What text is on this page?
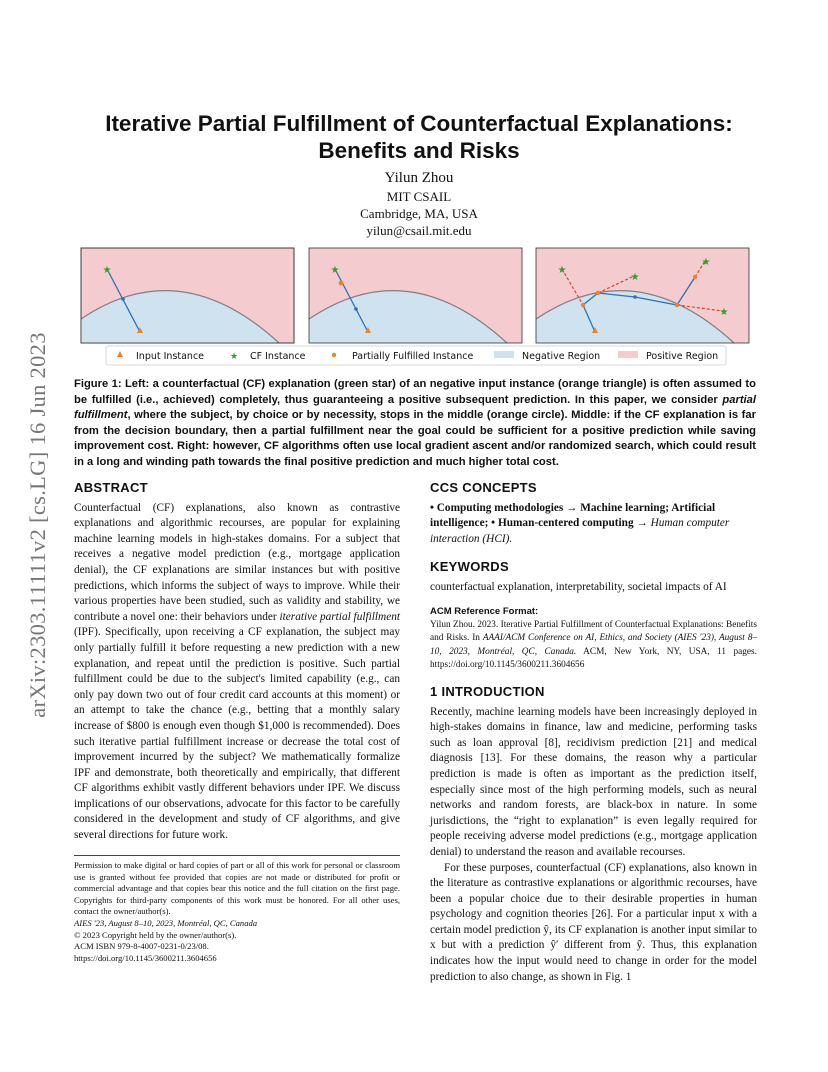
arXiv:2303.11111v2 [cs.LG] 16 Jun 2023
Iterative Partial Fulfillment of Counterfactual Explanations:
Benefits and Risks
Yilun Zhou
MIT CSAIL
Cambridge, MA, USA
yilun@csail.mit.edu
★	★	★
★
★
★
Input Instance	★ CF Instance	Partially Fulfilled Instance	Negative Region	Positive Region
Figure 1: Left: a counterfactual (CF) explanation (green star) of an negative input instance (orange triangle) is often assumed to be fulfilled (i.e., achieved) completely, thus guaranteeing a positive subsequent prediction. In this paper, we consider partial fulfillment, where the subject, by choice or by necessity, stops in the middle (orange circle). Middle: if the CF explanation is far from the decision boundary, then a partial fulfillment near the goal could be sufficient for a positive prediction while saving improvement cost. Right: however, CF algorithms often use local gradient ascent and/or randomized search, which could result in a long and winding path towards the final positive prediction and much higher total cost.
ABSTRACT

Counterfactual (CF) explanations, also known as contrastive explanations and algorithmic recourses, are popular for explaining machine learning models in high-stakes domains. For a subject that receives a negative model prediction (e.g., mortgage application denial), the CF explanations are similar instances but with positive predictions, which informs the subject of ways to improve. While their various properties have been studied, such as validity and stability, we contribute a novel one: their behaviors under iterative partial fulfillment (IPF). Specifically, upon receiving a CF explanation, the subject may only partially fulfill it before requesting a new prediction with a new explanation, and repeat until the prediction is positive. Such partial fulfillment could be due to the subject's limited capability (e.g., can only pay down two out of four credit card accounts at this moment) or an attempt to take the chance (e.g., betting that a monthly salary increase of $800 is enough even though $1,000 is recommended). Does such iterative partial fulfillment increase or decrease the total cost of improvement incurred by the subject? We mathematically formalize IPF and demonstrate, both theoretically and empirically, that different CF algorithms exhibit vastly different behaviors under IPF. We discuss implications of our observations, advocate for this factor to be carefully considered in the development and study of CF algorithms, and give several directions for future work.

Permission to make digital or hard copies of part or all of this work for personal or classroom use is granted without fee provided that copies are not made or distributed for profit or commercial advantage and that copies bear this notice and the full citation on the first page. Copyrights for third-party components of this work must be honored. For all other uses, contact the owner/author(s).

AIES '23, August 8–10, 2023, Montréal, QC, Canada

© 2023 Copyright held by the owner/author(s).

ACM ISBN 979-8-4007-0231-0/23/08.

https://doi.org/10.1145/3600211.3604656

CCS CONCEPTS

• Computing methodologies → Machine learning; Artificial intelligence; • Human-centered computing → Human computer interaction (HCI).

KEYWORDS

counterfactual explanation, interpretability, societal impacts of AI

ACM Reference Format:

Yilun Zhou. 2023. Iterative Partial Fulfillment of Counterfactual Explanations: Benefits and Risks. In AAAI/ACM Conference on AI, Ethics, and Society (AIES '23), August 8–10, 2023, Montréal, QC, Canada. ACM, New York, NY, USA, 11 pages. https://doi.org/10.1145/3600211.3604656

1 INTRODUCTION

Recently, machine learning models have been increasingly deployed in high-stakes domains in finance, law and medicine, performing tasks such as loan approval [8], recidivism prediction [21] and medical diagnosis [13]. For these domains, the reason why a particular prediction is made is often as important as the prediction itself, especially since most of the high performing models, such as neural networks and random forests, are black-box in nature. In some jurisdictions, the “right to explanation” is even legally required for people receiving adverse model predictions (e.g., mortgage application denial) to understand the reason and available recourses.

For these purposes, counterfactual (CF) explanations, also known in the literature as contrastive explanations or algorithmic recourses, have been a popular choice due to their desirable properties in human psychology and cognition theories [26]. For a particular input x with a certain model prediction ŷ, its CF explanation is another input similar to x but with a prediction ŷ′ different from ŷ. Thus, this explanation indicates how the input would need to change in order for the model prediction to also change, as shown in Fig. 1
